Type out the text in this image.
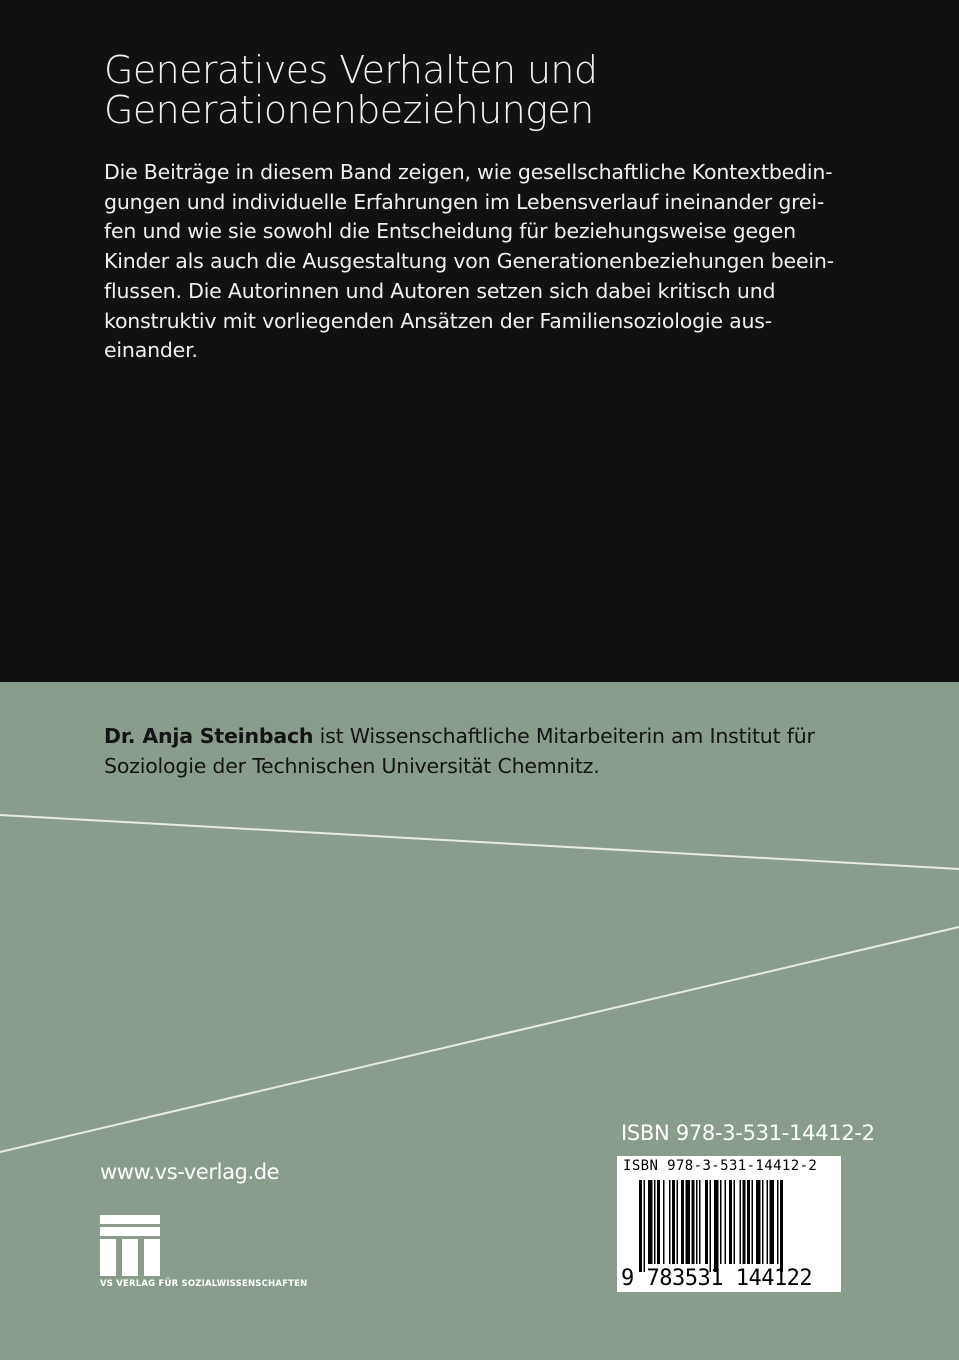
Generatives Verhalten und
Generationenbeziehungen

Die Beiträge in diesem Band zeigen, wie gesellschaftliche Kontextbedin-
gungen und individuelle Erfahrungen im Lebensverlauf ineinander grei-
fen und wie sie sowohl die Entscheidung für beziehungsweise gegen
Kinder als auch die Ausgestaltung von Generationenbeziehungen beein-
flussen. Die Autorinnen und Autoren setzen sich dabei kritisch und
konstruktiv mit vorliegenden Ansätzen der Familiensoziologie aus-
einander.

Dr. Anja Steinbach ist Wissenschaftliche Mitarbeiterin am Institut für
Soziologie der Technischen Universität Chemnitz.

www.vs-verlag.de
VS VERLAG FÜR SOZIALWISSENSCHAFTEN
ISBN 978-3-531-14412-2
ISBN 978-3-531-14412-2
9 783531 144122
